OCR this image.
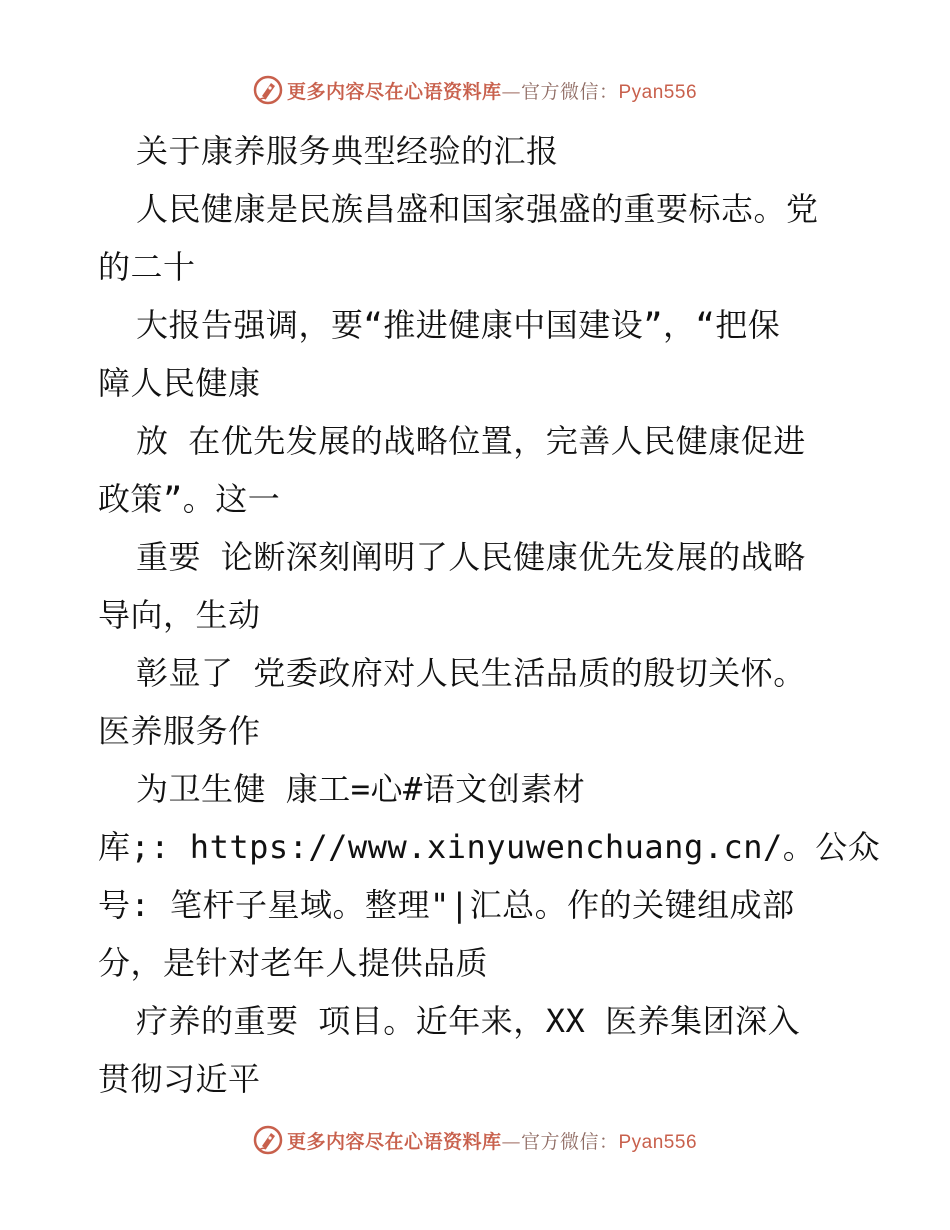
更多内容尽在心语资料库—官方微信：Pyan556
关于康养服务典型经验的汇报
人民健康是民族昌盛和国家强盛的重要标志。党
的二十
大报告强调，要“推进健康中国建设”，“把保
障人民健康
放 在优先发展的战略位置，完善人民健康促进
政策”。这一
重要 论断深刻阐明了人民健康优先发展的战略
导向，生动
彰显了 党委政府对人民生活品质的殷切关怀。
医养服务作
为卫生健 康工=心#语文创素材
库;: https://www.xinyuwenchuang.cn/。公众
号: 笔杆子星域。整理"|汇总。作的关键组成部
分，是针对老年人提供品质
疗养的重要 项目。近年来，XX 医养集团深入
贯彻习近平
更多内容尽在心语资料库—官方微信：Pyan556
